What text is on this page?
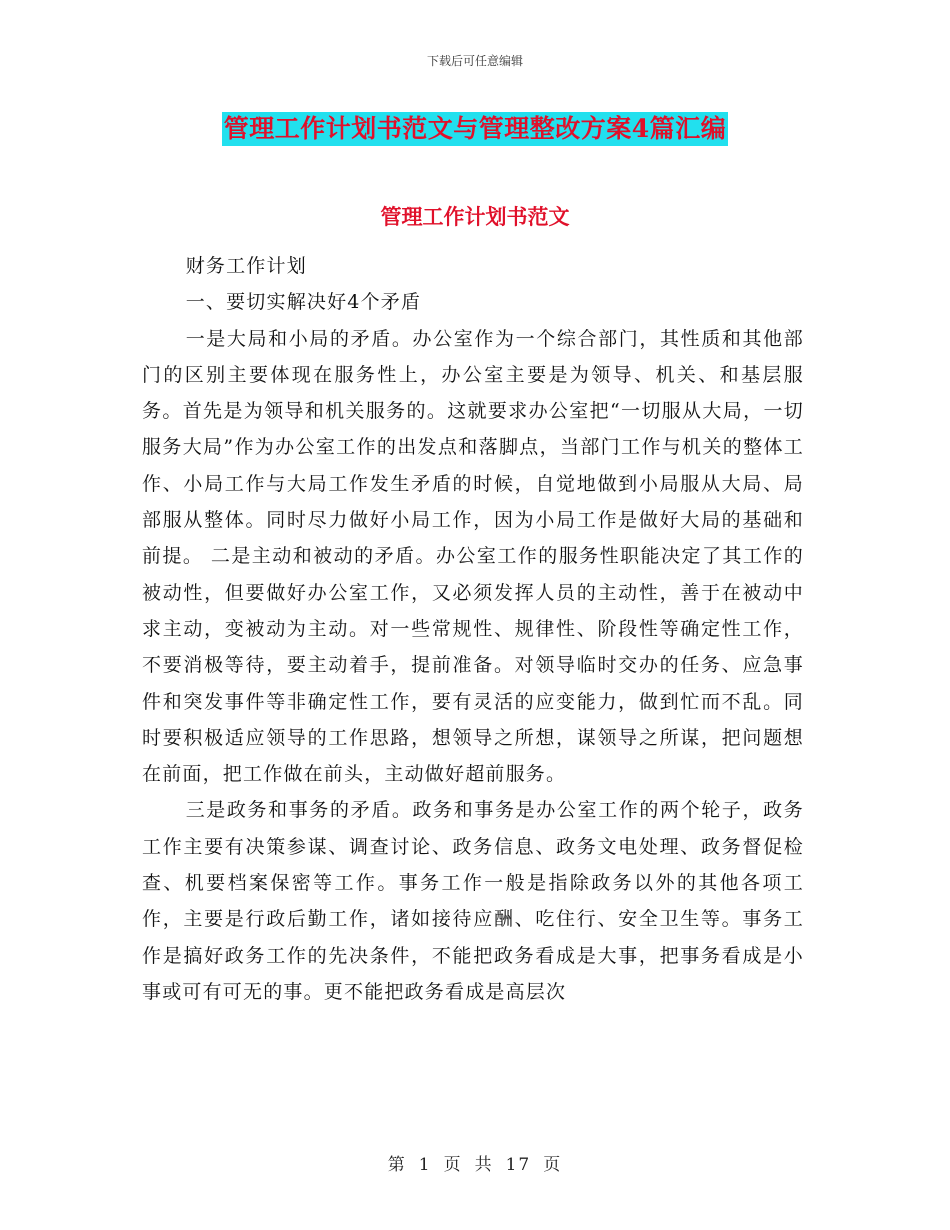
下载后可任意编辑
管理工作计划书范文与管理整改方案4篇汇编
管理工作计划书范文

财务工作计划

一、要切实解决好4个矛盾

一是大局和小局的矛盾。办公室作为一个综合部门，其性质和其他部门的区别主要体现在服务性上，办公室主要是为领导、机关、和基层服务。首先是为领导和机关服务的。这就要求办公室把“一切服从大局，一切服务大局”作为办公室工作的出发点和落脚点，当部门工作与机关的整体工作、小局工作与大局工作发生矛盾的时候，自觉地做到小局服从大局、局部服从整体。同时尽力做好小局工作，因为小局工作是做好大局的基础和前提。 二是主动和被动的矛盾。办公室工作的服务性职能决定了其工作的被动性，但要做好办公室工作，又必须发挥人员的主动性，善于在被动中求主动，变被动为主动。对一些常规性、规律性、阶段性等确定性工作，不要消极等待，要主动着手，提前准备。对领导临时交办的任务、应急事件和突发事件等非确定性工作，要有灵活的应变能力，做到忙而不乱。同时要积极适应领导的工作思路，想领导之所想，谋领导之所谋，把问题想在前面，把工作做在前头，主动做好超前服务。

三是政务和事务的矛盾。政务和事务是办公室工作的两个轮子，政务工作主要有决策参谋、调查讨论、政务信息、政务文电处理、政务督促检查、机要档案保密等工作。事务工作一般是指除政务以外的其他各项工作，主要是行政后勤工作，诸如接待应酬、吃住行、安全卫生等。事务工作是搞好政务工作的先决条件，不能把政务看成是大事，把事务看成是小事或可有可无的事。更不能把政务看成是高层次

第 1 页 共 17 页
